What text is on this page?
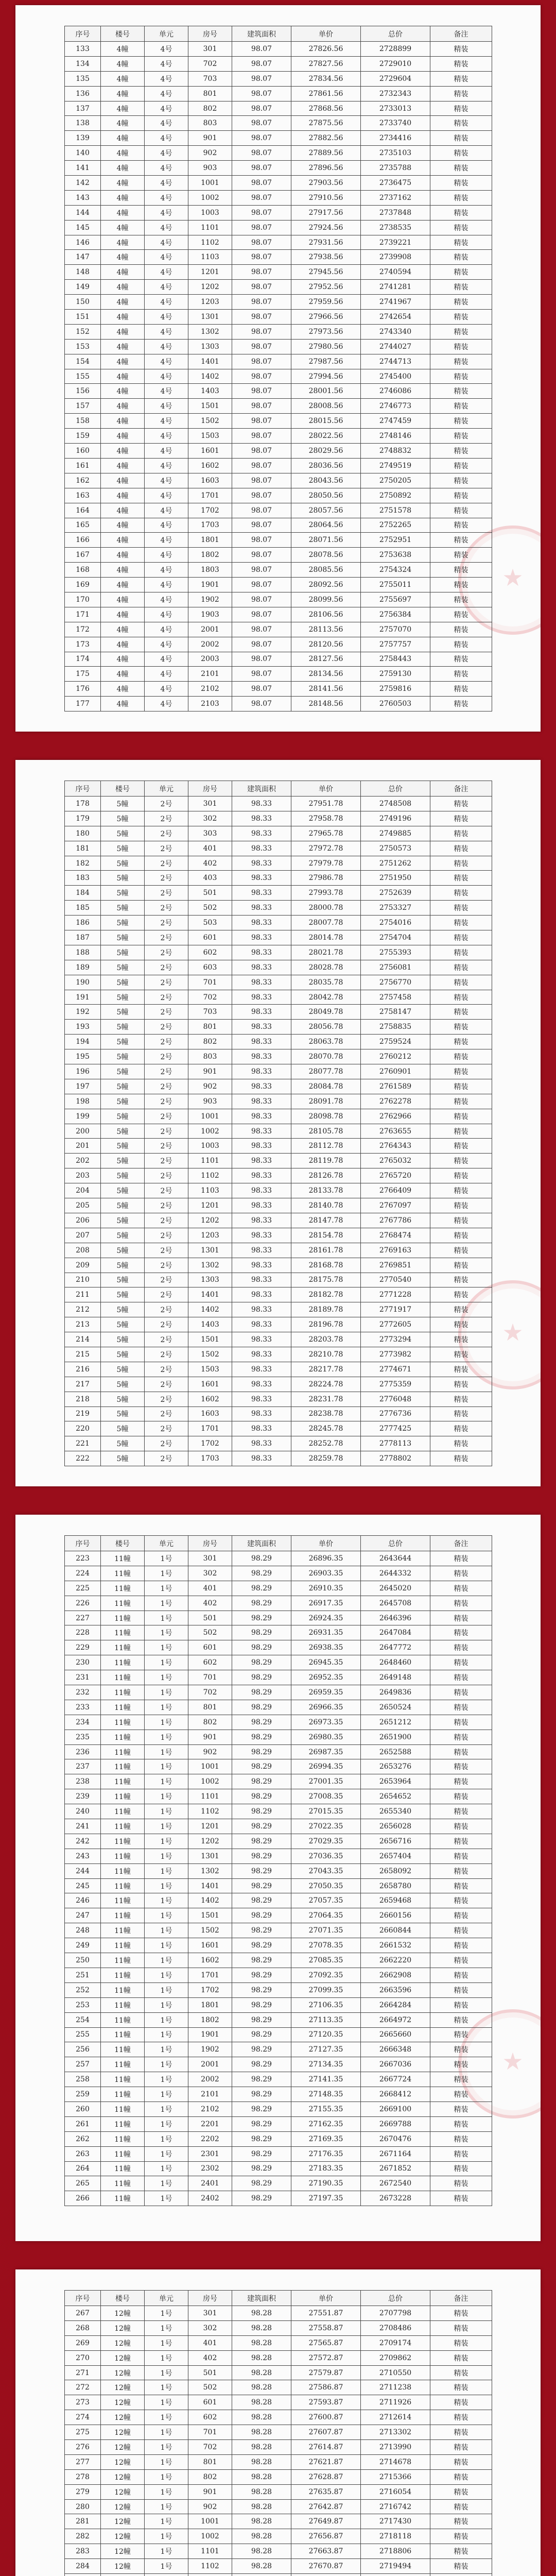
★
序号	楼号	单元	房号	建筑面积	单价	总价	备注
133	4幢	4号	301	98.07	27826.56	2728899	精装
134	4幢	4号	702	98.07	27827.56	2729010	精装
135	4幢	4号	703	98.07	27834.56	2729604	精装
136	4幢	4号	801	98.07	27861.56	2732343	精装
137	4幢	4号	802	98.07	27868.56	2733013	精装
138	4幢	4号	803	98.07	27875.56	2733740	精装
139	4幢	4号	901	98.07	27882.56	2734416	精装
140	4幢	4号	902	98.07	27889.56	2735103	精装
141	4幢	4号	903	98.07	27896.56	2735788	精装
142	4幢	4号	1001	98.07	27903.56	2736475	精装
143	4幢	4号	1002	98.07	27910.56	2737162	精装
144	4幢	4号	1003	98.07	27917.56	2737848	精装
145	4幢	4号	1101	98.07	27924.56	2738535	精装
146	4幢	4号	1102	98.07	27931.56	2739221	精装
147	4幢	4号	1103	98.07	27938.56	2739908	精装
148	4幢	4号	1201	98.07	27945.56	2740594	精装
149	4幢	4号	1202	98.07	27952.56	2741281	精装
150	4幢	4号	1203	98.07	27959.56	2741967	精装
151	4幢	4号	1301	98.07	27966.56	2742654	精装
152	4幢	4号	1302	98.07	27973.56	2743340	精装
153	4幢	4号	1303	98.07	27980.56	2744027	精装
154	4幢	4号	1401	98.07	27987.56	2744713	精装
155	4幢	4号	1402	98.07	27994.56	2745400	精装
156	4幢	4号	1403	98.07	28001.56	2746086	精装
157	4幢	4号	1501	98.07	28008.56	2746773	精装
158	4幢	4号	1502	98.07	28015.56	2747459	精装
159	4幢	4号	1503	98.07	28022.56	2748146	精装
160	4幢	4号	1601	98.07	28029.56	2748832	精装
161	4幢	4号	1602	98.07	28036.56	2749519	精装
162	4幢	4号	1603	98.07	28043.56	2750205	精装
163	4幢	4号	1701	98.07	28050.56	2750892	精装
164	4幢	4号	1702	98.07	28057.56	2751578	精装
165	4幢	4号	1703	98.07	28064.56	2752265	精装
166	4幢	4号	1801	98.07	28071.56	2752951	精装
167	4幢	4号	1802	98.07	28078.56	2753638	精装
168	4幢	4号	1803	98.07	28085.56	2754324	精装
169	4幢	4号	1901	98.07	28092.56	2755011	精装
170	4幢	4号	1902	98.07	28099.56	2755697	精装
171	4幢	4号	1903	98.07	28106.56	2756384	精装
172	4幢	4号	2001	98.07	28113.56	2757070	精装
173	4幢	4号	2002	98.07	28120.56	2757757	精装
174	4幢	4号	2003	98.07	28127.56	2758443	精装
175	4幢	4号	2101	98.07	28134.56	2759130	精装
176	4幢	4号	2102	98.07	28141.56	2759816	精装
177	4幢	4号	2103	98.07	28148.56	2760503	精装
★
序号	楼号	单元	房号	建筑面积	单价	总价	备注
178	5幢	2号	301	98.33	27951.78	2748508	精装
179	5幢	2号	302	98.33	27958.78	2749196	精装
180	5幢	2号	303	98.33	27965.78	2749885	精装
181	5幢	2号	401	98.33	27972.78	2750573	精装
182	5幢	2号	402	98.33	27979.78	2751262	精装
183	5幢	2号	403	98.33	27986.78	2751950	精装
184	5幢	2号	501	98.33	27993.78	2752639	精装
185	5幢	2号	502	98.33	28000.78	2753327	精装
186	5幢	2号	503	98.33	28007.78	2754016	精装
187	5幢	2号	601	98.33	28014.78	2754704	精装
188	5幢	2号	602	98.33	28021.78	2755393	精装
189	5幢	2号	603	98.33	28028.78	2756081	精装
190	5幢	2号	701	98.33	28035.78	2756770	精装
191	5幢	2号	702	98.33	28042.78	2757458	精装
192	5幢	2号	703	98.33	28049.78	2758147	精装
193	5幢	2号	801	98.33	28056.78	2758835	精装
194	5幢	2号	802	98.33	28063.78	2759524	精装
195	5幢	2号	803	98.33	28070.78	2760212	精装
196	5幢	2号	901	98.33	28077.78	2760901	精装
197	5幢	2号	902	98.33	28084.78	2761589	精装
198	5幢	2号	903	98.33	28091.78	2762278	精装
199	5幢	2号	1001	98.33	28098.78	2762966	精装
200	5幢	2号	1002	98.33	28105.78	2763655	精装
201	5幢	2号	1003	98.33	28112.78	2764343	精装
202	5幢	2号	1101	98.33	28119.78	2765032	精装
203	5幢	2号	1102	98.33	28126.78	2765720	精装
204	5幢	2号	1103	98.33	28133.78	2766409	精装
205	5幢	2号	1201	98.33	28140.78	2767097	精装
206	5幢	2号	1202	98.33	28147.78	2767786	精装
207	5幢	2号	1203	98.33	28154.78	2768474	精装
208	5幢	2号	1301	98.33	28161.78	2769163	精装
209	5幢	2号	1302	98.33	28168.78	2769851	精装
210	5幢	2号	1303	98.33	28175.78	2770540	精装
211	5幢	2号	1401	98.33	28182.78	2771228	精装
212	5幢	2号	1402	98.33	28189.78	2771917	精装
213	5幢	2号	1403	98.33	28196.78	2772605	精装
214	5幢	2号	1501	98.33	28203.78	2773294	精装
215	5幢	2号	1502	98.33	28210.78	2773982	精装
216	5幢	2号	1503	98.33	28217.78	2774671	精装
217	5幢	2号	1601	98.33	28224.78	2775359	精装
218	5幢	2号	1602	98.33	28231.78	2776048	精装
219	5幢	2号	1603	98.33	28238.78	2776736	精装
220	5幢	2号	1701	98.33	28245.78	2777425	精装
221	5幢	2号	1702	98.33	28252.78	2778113	精装
222	5幢	2号	1703	98.33	28259.78	2778802	精装
★
序号	楼号	单元	房号	建筑面积	单价	总价	备注
223	11幢	1号	301	98.29	26896.35	2643644	精装
224	11幢	1号	302	98.29	26903.35	2644332	精装
225	11幢	1号	401	98.29	26910.35	2645020	精装
226	11幢	1号	402	98.29	26917.35	2645708	精装
227	11幢	1号	501	98.29	26924.35	2646396	精装
228	11幢	1号	502	98.29	26931.35	2647084	精装
229	11幢	1号	601	98.29	26938.35	2647772	精装
230	11幢	1号	602	98.29	26945.35	2648460	精装
231	11幢	1号	701	98.29	26952.35	2649148	精装
232	11幢	1号	702	98.29	26959.35	2649836	精装
233	11幢	1号	801	98.29	26966.35	2650524	精装
234	11幢	1号	802	98.29	26973.35	2651212	精装
235	11幢	1号	901	98.29	26980.35	2651900	精装
236	11幢	1号	902	98.29	26987.35	2652588	精装
237	11幢	1号	1001	98.29	26994.35	2653276	精装
238	11幢	1号	1002	98.29	27001.35	2653964	精装
239	11幢	1号	1101	98.29	27008.35	2654652	精装
240	11幢	1号	1102	98.29	27015.35	2655340	精装
241	11幢	1号	1201	98.29	27022.35	2656028	精装
242	11幢	1号	1202	98.29	27029.35	2656716	精装
243	11幢	1号	1301	98.29	27036.35	2657404	精装
244	11幢	1号	1302	98.29	27043.35	2658092	精装
245	11幢	1号	1401	98.29	27050.35	2658780	精装
246	11幢	1号	1402	98.29	27057.35	2659468	精装
247	11幢	1号	1501	98.29	27064.35	2660156	精装
248	11幢	1号	1502	98.29	27071.35	2660844	精装
249	11幢	1号	1601	98.29	27078.35	2661532	精装
250	11幢	1号	1602	98.29	27085.35	2662220	精装
251	11幢	1号	1701	98.29	27092.35	2662908	精装
252	11幢	1号	1702	98.29	27099.35	2663596	精装
253	11幢	1号	1801	98.29	27106.35	2664284	精装
254	11幢	1号	1802	98.29	27113.35	2664972	精装
255	11幢	1号	1901	98.29	27120.35	2665660	精装
256	11幢	1号	1902	98.29	27127.35	2666348	精装
257	11幢	1号	2001	98.29	27134.35	2667036	精装
258	11幢	1号	2002	98.29	27141.35	2667724	精装
259	11幢	1号	2101	98.29	27148.35	2668412	精装
260	11幢	1号	2102	98.29	27155.35	2669100	精装
261	11幢	1号	2201	98.29	27162.35	2669788	精装
262	11幢	1号	2202	98.29	27169.35	2670476	精装
263	11幢	1号	2301	98.29	27176.35	2671164	精装
264	11幢	1号	2302	98.29	27183.35	2671852	精装
265	11幢	1号	2401	98.29	27190.35	2672540	精装
266	11幢	1号	2402	98.29	27197.35	2673228	精装
序号	楼号	单元	房号	建筑面积	单价	总价	备注
267	12幢	1号	301	98.28	27551.87	2707798	精装
268	12幢	1号	302	98.28	27558.87	2708486	精装
269	12幢	1号	401	98.28	27565.87	2709174	精装
270	12幢	1号	402	98.28	27572.87	2709862	精装
271	12幢	1号	501	98.28	27579.87	2710550	精装
272	12幢	1号	502	98.28	27586.87	2711238	精装
273	12幢	1号	601	98.28	27593.87	2711926	精装
274	12幢	1号	602	98.28	27600.87	2712614	精装
275	12幢	1号	701	98.28	27607.87	2713302	精装
276	12幢	1号	702	98.28	27614.87	2713990	精装
277	12幢	1号	801	98.28	27621.87	2714678	精装
278	12幢	1号	802	98.28	27628.87	2715366	精装
279	12幢	1号	901	98.28	27635.87	2716054	精装
280	12幢	1号	902	98.28	27642.87	2716742	精装
281	12幢	1号	1001	98.28	27649.87	2717430	精装
282	12幢	1号	1002	98.28	27656.87	2718118	精装
283	12幢	1号	1101	98.28	27663.87	2718806	精装
284	12幢	1号	1102	98.28	27670.87	2719494	精装
